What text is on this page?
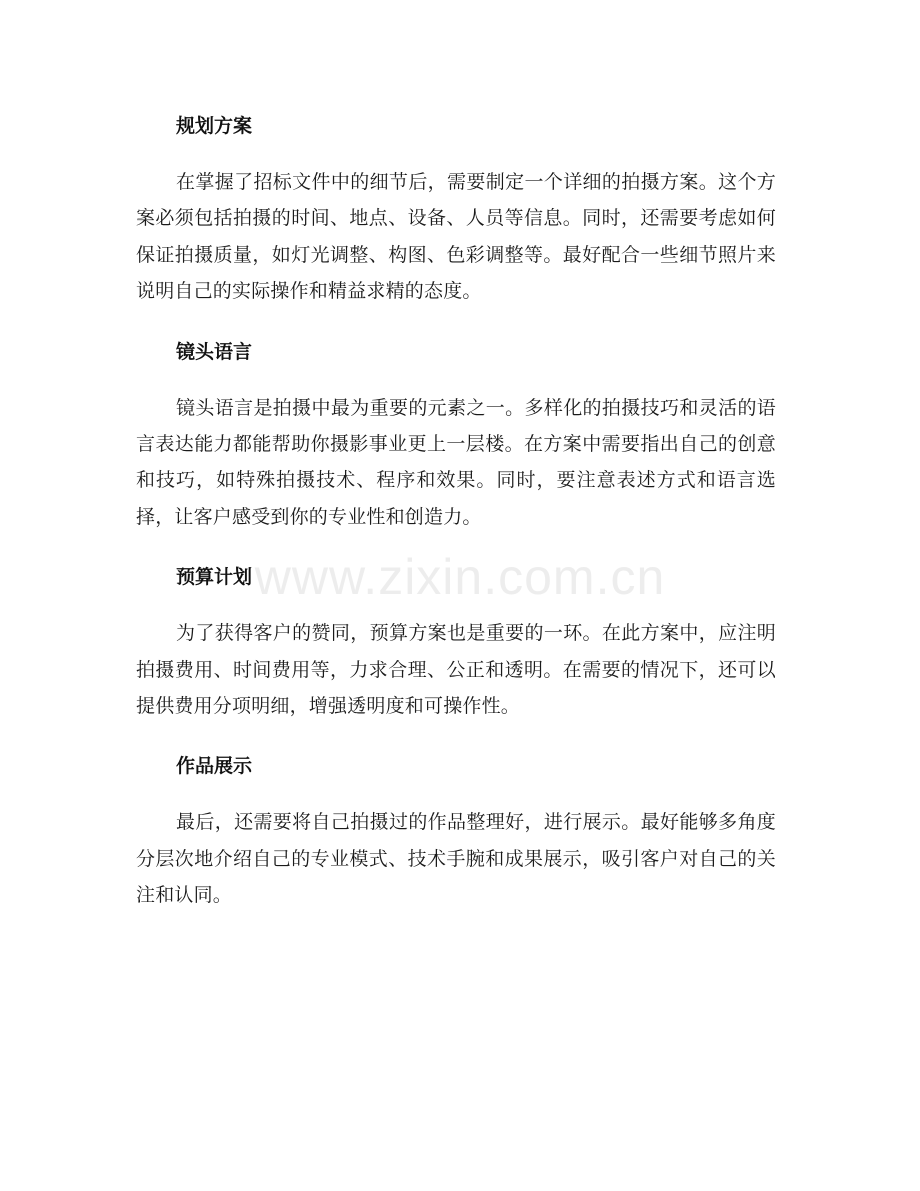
规划方案

在掌握了招标文件中的细节后，需要制定一个详细的拍摄方案。这个方案必须包括拍摄的时间、地点、设备、人员等信息。同时，还需要考虑如何保证拍摄质量，如灯光调整、构图、色彩调整等。最好配合一些细节照片来说明自己的实际操作和精益求精的态度。

镜头语言

镜头语言是拍摄中最为重要的元素之一。多样化的拍摄技巧和灵活的语言表达能力都能帮助你摄影事业更上一层楼。在方案中需要指出自己的创意和技巧，如特殊拍摄技术、程序和效果。同时，要注意表述方式和语言选择，让客户感受到你的专业性和创造力。

预算计划

为了获得客户的赞同，预算方案也是重要的一环。在此方案中，应注明拍摄费用、时间费用等，力求合理、公正和透明。在需要的情况下，还可以提供费用分项明细，增强透明度和可操作性。

作品展示

最后，还需要将自己拍摄过的作品整理好，进行展示。最好能够多角度分层次地介绍自己的专业模式、技术手腕和成果展示，吸引客户对自己的关注和认同。

www.zixin.com.cn
